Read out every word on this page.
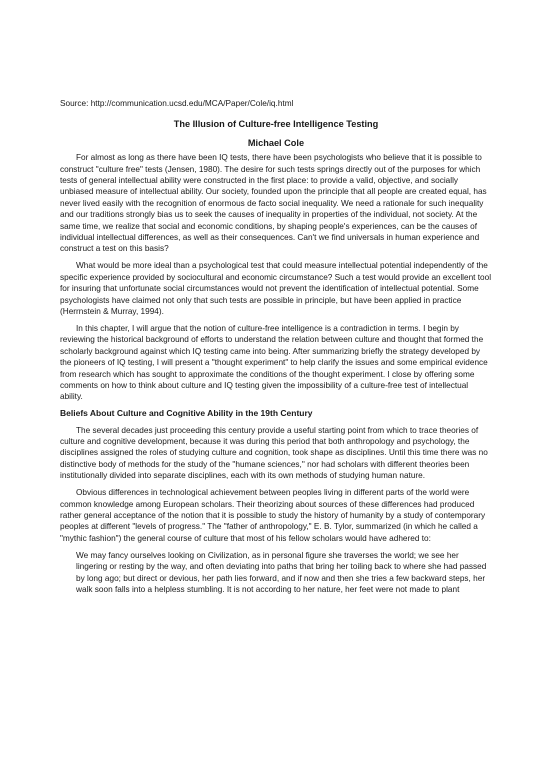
Source: http://communication.ucsd.edu/MCA/Paper/Cole/iq.html
The Illusion of Culture-free Intelligence Testing
Michael Cole

For almost as long as there have been IQ tests, there have been psychologists who believe that it is possible to construct "culture free" tests (Jensen, 1980). The desire for such tests springs directly out of the purposes for which tests of general intellectual ability were constructed in the first place: to provide a valid, objective, and socially unbiased measure of intellectual ability. Our society, founded upon the principle that all people are created equal, has never lived easily with the recognition of enormous de facto social inequality. We need a rationale for such inequality and our traditions strongly bias us to seek the causes of inequality in properties of the individual, not society. At the same time, we realize that social and economic conditions, by shaping people's experiences, can be the causes of individual intellectual differences, as well as their consequences. Can't we find universals in human experience and construct a test on this basis?

What would be more ideal than a psychological test that could measure intellectual potential independently of the specific experience provided by sociocultural and economic circumstance? Such a test would provide an excellent tool for insuring that unfortunate social circumstances would not prevent the identification of intellectual potential. Some psychologists have claimed not only that such tests are possible in principle, but have been applied in practice (Herrnstein & Murray, 1994).

In this chapter, I will argue that the notion of culture-free intelligence is a contradiction in terms. I begin by reviewing the historical background of efforts to understand the relation between culture and thought that formed the scholarly background against which IQ testing came into being. After summarizing briefly the strategy developed by the pioneers of IQ testing, I will present a "thought experiment" to help clarify the issues and some empirical evidence from research which has sought to approximate the conditions of the thought experiment. I close by offering some comments on how to think about culture and IQ testing given the impossibility of a culture-free test of intellectual ability.

Beliefs About Culture and Cognitive Ability in the 19th Century

The several decades just proceeding this century provide a useful starting point from which to trace theories of culture and cognitive development, because it was during this period that both anthropology and psychology, the disciplines assigned the roles of studying culture and cognition, took shape as disciplines. Until this time there was no distinctive body of methods for the study of the "humane sciences," nor had scholars with different theories been institutionally divided into separate disciplines, each with its own methods of studying human nature.

Obvious differences in technological achievement between peoples living in different parts of the world were common knowledge among European scholars. Their theorizing about sources of these differences had produced rather general acceptance of the notion that it is possible to study the history of humanity by a study of contemporary peoples at different "levels of progress." The "father of anthropology," E. B. Tylor, summarized (in which he called a "mythic fashion") the general course of culture that most of his fellow scholars would have adhered to:

We may fancy ourselves looking on Civilization, as in personal figure she traverses the world; we see her lingering or resting by the way, and often deviating into paths that bring her toiling back to where she had passed by long ago; but direct or devious, her path lies forward, and if now and then she tries a few backward steps, her walk soon falls into a helpless stumbling. It is not according to her nature, her feet were not made to plant
